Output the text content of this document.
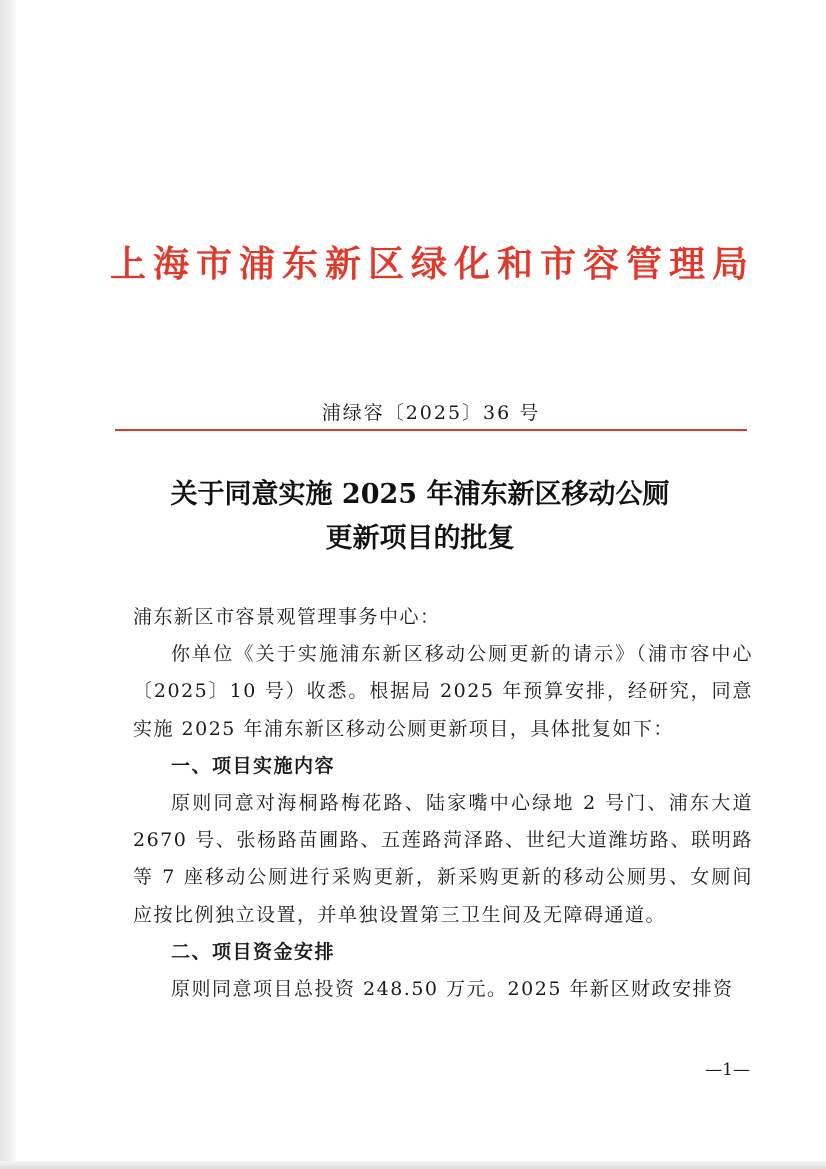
上海市浦东新区绿化和市容管理局
浦绿容〔2025〕36 号
关于同意实施 2025 年浦东新区移动公厕
更新项目的批复

浦东新区市容景观管理事务中心：

你单位《关于实施浦东新区移动公厕更新的请示》（浦市容中心〔2025〕10 号）收悉。根据局 2025 年预算安排，经研究，同意实施 2025 年浦东新区移动公厕更新项目，具体批复如下：

一、项目实施内容

原则同意对海桐路梅花路、陆家嘴中心绿地 2 号门、浦东大道 2670 号、张杨路苗圃路、五莲路菏泽路、世纪大道潍坊路、联明路等 7 座移动公厕进行采购更新，新采购更新的移动公厕男、女厕间应按比例独立设置，并单独设置第三卫生间及无障碍通道。

二、项目资金安排

原则同意项目总投资 248.50 万元。2025 年新区财政安排资

—1—
